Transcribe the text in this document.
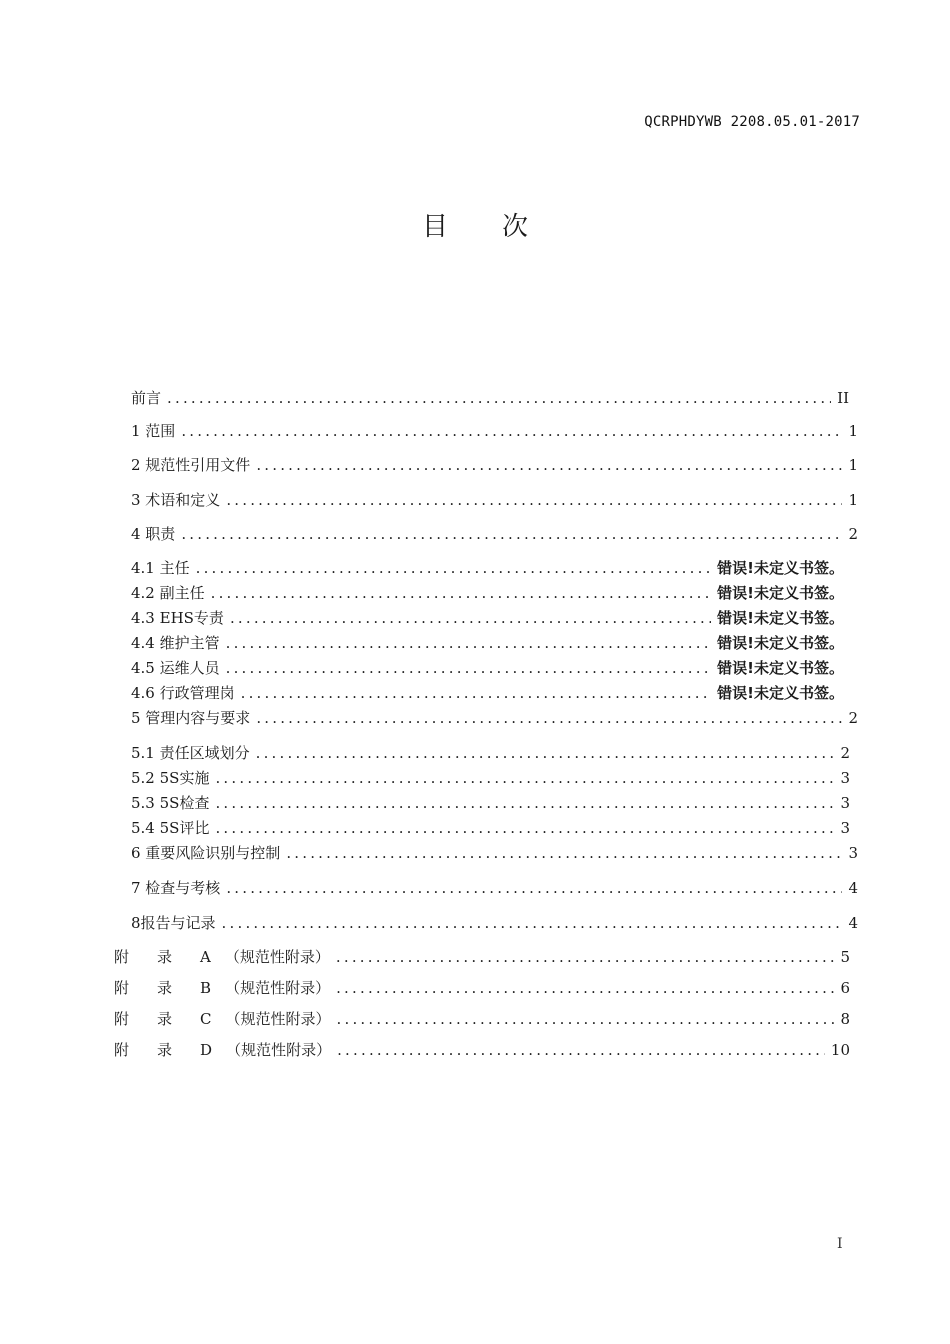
QCRPHDYWB 2208.05.01-2017
目 次
前言 .....	II
1 范围 .....	1
2 规范性引用文件 .....	1
3 术语和定义 .....	1
4 职责 .....	2
4.1 主任 .....	错误!未定义书签。
4.2 副主任 .....	错误!未定义书签。
4.3 EHS专责 .....	错误!未定义书签。
4.4 维护主管 .....	错误!未定义书签。
4.5 运维人员 .....	错误!未定义书签。
4.6 行政管理岗 .....	错误!未定义书签。
5 管理内容与要求 .....	2
5.1 责任区域划分 .....	2
5.2 5S实施 .....	3
5.3 5S检查 .....	3
5.4 5S评比 .....	3
6 重要风险识别与控制 .....	3
7 检查与考核 .....	4
8报告与记录 .....	4
附 录 A （规范性附录） .....	5
附 录 B （规范性附录） .....	6
附 录 C （规范性附录） .....	8
附 录 D （规范性附录） .....	10
I
